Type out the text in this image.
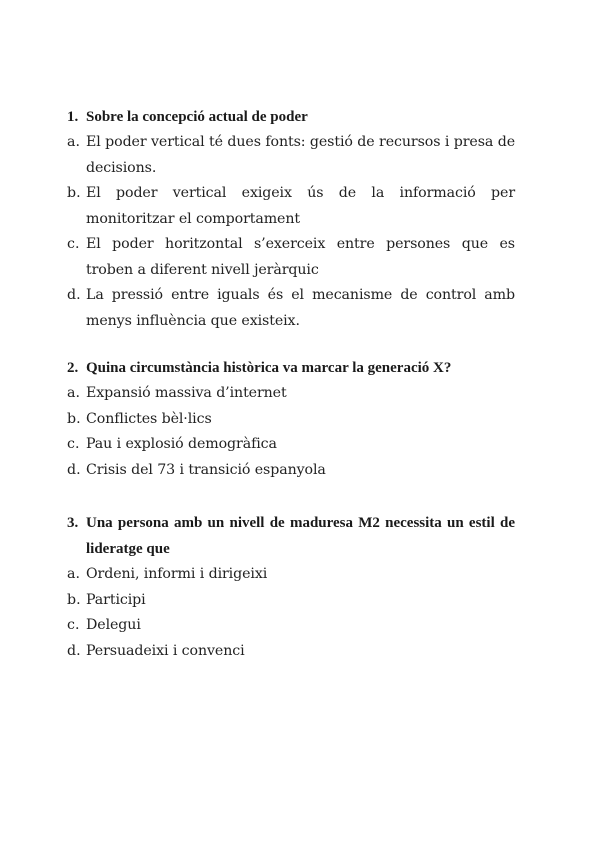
1. Sobre la concepció actual de poder
a. El poder vertical té dues fonts: gestió de recursos i presa de decisions.
b. El poder vertical exigeix ús de la informació per monitoritzar el comportament
c. El poder horitzontal s’exerceix entre persones que es troben a diferent nivell jeràrquic
d. La pressió entre iguals és el mecanisme de control amb menys influència que existeix.
2. Quina circumstància històrica va marcar la generació X?
a. Expansió massiva d’internet
b. Conflictes bèl·lics
c. Pau i explosió demogràfica
d. Crisis del 73 i transició espanyola
3. Una persona amb un nivell de maduresa M2 necessita un estil de lideratge que
a. Ordeni, informi i dirigeixi
b. Participi
c. Delegui
d. Persuadeixi i convenci
